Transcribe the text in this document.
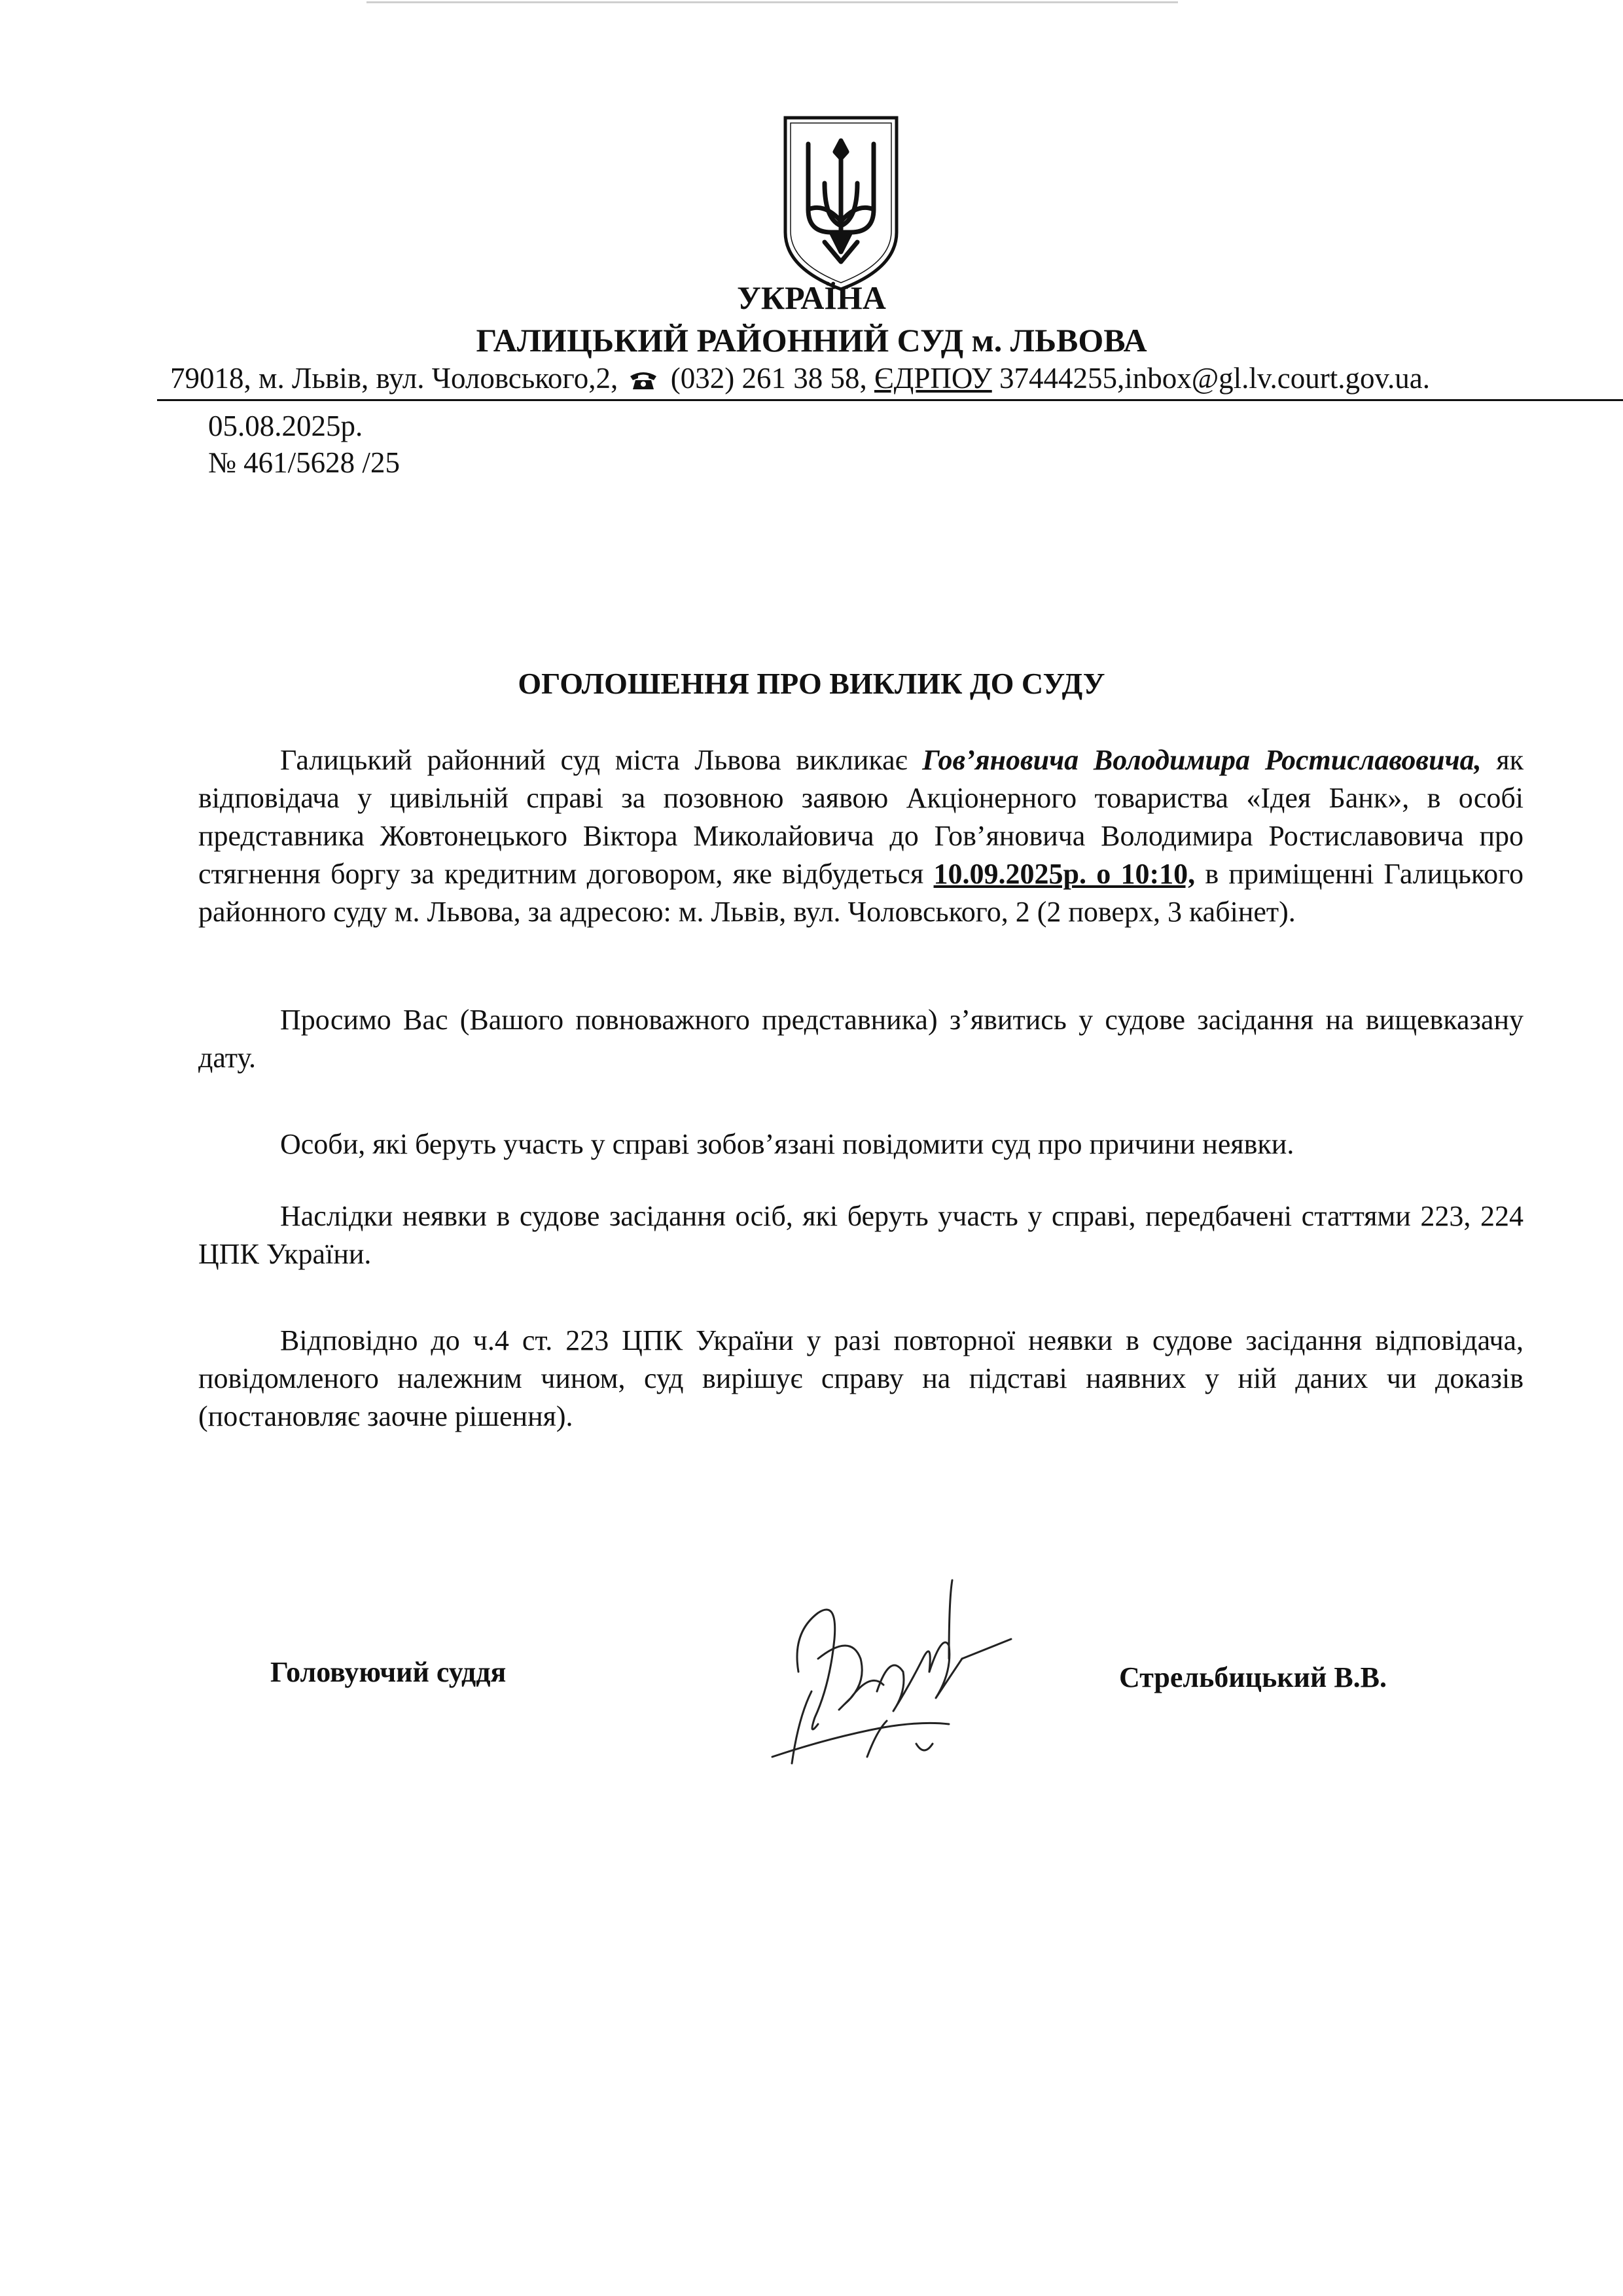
УКРАЇНА
ГАЛИЦЬКИЙ РАЙОННИЙ СУД м. ЛЬВОВА
79018, м. Львів, вул. Чоловського,2, (032) 261 38 58, ЄДРПОУ 37444255,inbox@gl.lv.court.gov.ua.
05.08.2025р.
№ 461/5628 /25
ОГОЛОШЕННЯ ПРО ВИКЛИК ДО СУДУ
Галицький районний суд міста Львова викликає Гов’яновича Володимира Ростиславовича, як відповідача у цивільній справі за позовною заявою Акціонерного товариства «Ідея Банк», в особі представника Жовтонецького Віктора Миколайовича до Гов’яновича Володимира Ростиславовича про стягнення боргу за кредитним договором, яке відбудеться 10.09.2025р. о 10:10, в приміщенні Галицького районного суду м. Львова, за адресою: м. Львів, вул. Чоловського, 2 (2 поверх, 3 кабінет).
Просимо Вас (Вашого повноважного представника) з’явитись у судове засідання на вищевказану дату.
Особи, які беруть участь у справі зобов’язані повідомити суд про причини неявки.
Наслідки неявки в судове засідання осіб, які беруть участь у справі, передбачені статтями 223, 224 ЦПК України.
Відповідно до ч.4 ст. 223 ЦПК України у разі повторної неявки в судове засідання відповідача, повідомленого належним чином, суд вирішує справу на підставі наявних у ній даних чи доказів (постановляє заочне рішення).
Головуючий суддя	Стрельбицький В.В.
